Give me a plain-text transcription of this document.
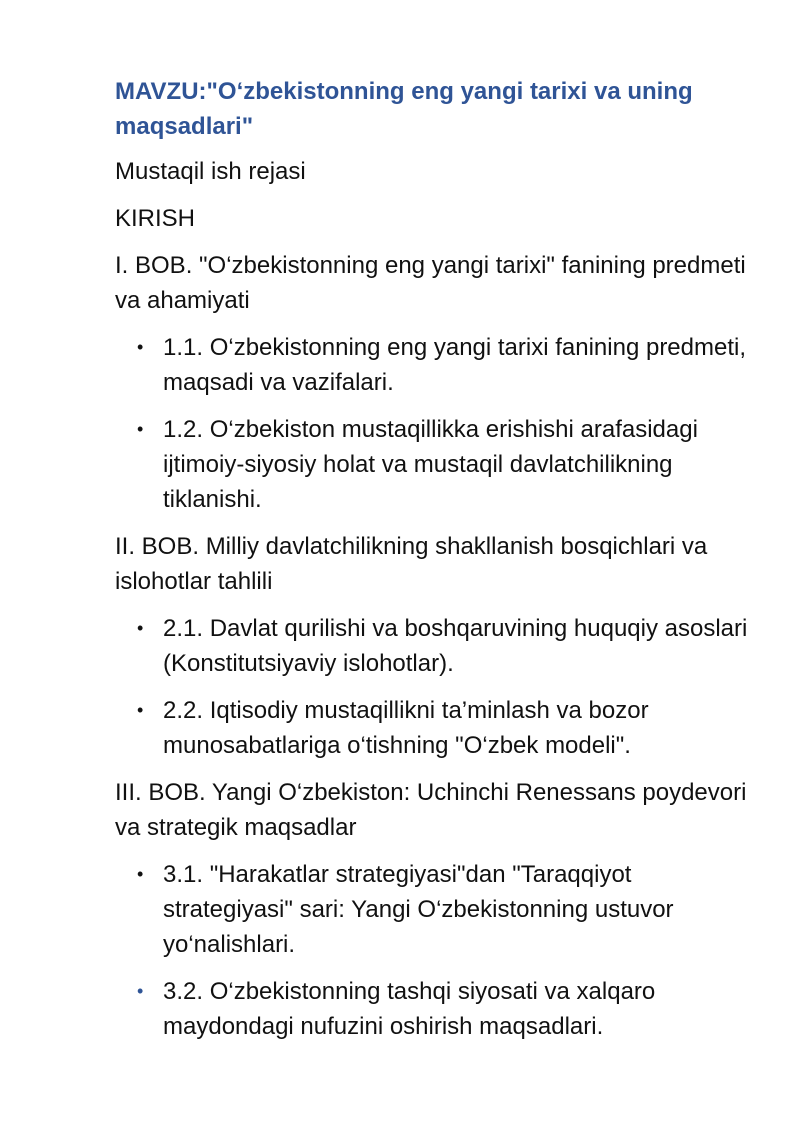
MAVZU:"O‘zbekistonning eng yangi tarixi va uning maqsadlari"
Mustaqil ish rejasi
KIRISH
I. BOB. "O‘zbekistonning eng yangi tarixi" fanining predmeti va ahamiyati
• 1.1. O‘zbekistonning eng yangi tarixi fanining predmeti, maqsadi va vazifalari.
• 1.2. O‘zbekiston mustaqillikka erishishi arafasidagi ijtimoiy-siyosiy holat va mustaqil davlatchilikning tiklanishi.
II. BOB. Milliy davlatchilikning shakllanish bosqichlari va islohotlar tahlili
• 2.1. Davlat qurilishi va boshqaruvining huquqiy asoslari (Konstitutsiyaviy islohotlar).
• 2.2. Iqtisodiy mustaqillikni ta’minlash va bozor munosabatlariga o‘tishning "O‘zbek modeli".
III. BOB. Yangi O‘zbekiston: Uchinchi Renessans poydevori va strategik maqsadlar
• 3.1. "Harakatlar strategiyasi"dan "Taraqqiyot strategiyasi" sari: Yangi O‘zbekistonning ustuvor yo‘nalishlari.
• 3.2. O‘zbekistonning tashqi siyosati va xalqaro maydondagi nufuzini oshirish maqsadlari.
